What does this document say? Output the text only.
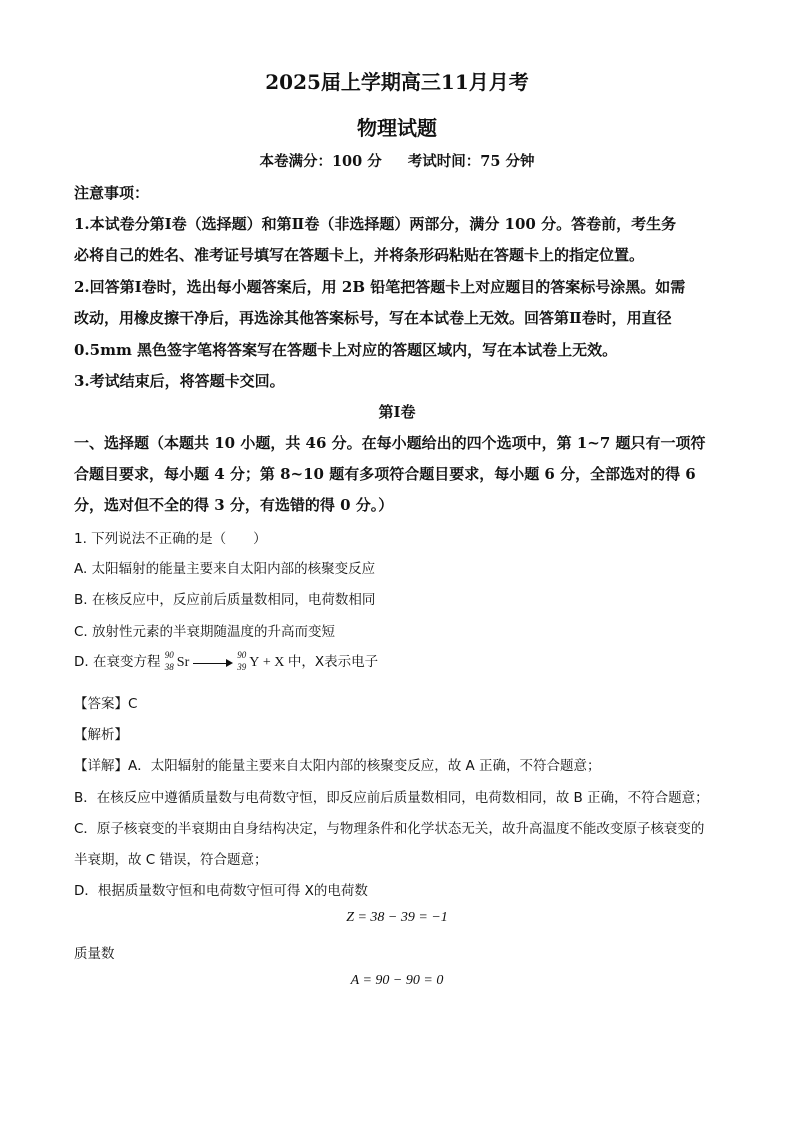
2025届上学期高三11月月考
物理试题
本卷满分：100 分 考试时间：75 分钟
注意事项：
1.本试卷分第Ⅰ卷（选择题）和第Ⅱ卷（非选择题）两部分，满分 100 分。答卷前，考生务
必将自己的姓名、准考证号填写在答题卡上，并将条形码粘贴在答题卡上的指定位置。
2.回答第Ⅰ卷时，选出每小题答案后，用 2B 铅笔把答题卡上对应题目的答案标号涂黑。如需
改动，用橡皮擦干净后，再选涂其他答案标号，写在本试卷上无效。回答第Ⅱ卷时，用直径
0.5mm 黑色签字笔将答案写在答题卡上对应的答题区域内，写在本试卷上无效。
3.考试结束后，将答题卡交回。
第Ⅰ卷
一、选择题（本题共 10 小题，共 46 分。在每小题给出的四个选项中，第 1~7 题只有一项符
合题目要求，每小题 4 分；第 8~10 题有多项符合题目要求，每小题 6 分，全部选对的得 6
分，选对但不全的得 3 分，有选错的得 0 分。）
1. 下列说法不正确的是（　　）
A. 太阳辐射的能量主要来自太阳内部的核聚变反应
B. 在核反应中，反应前后质量数相同，电荷数相同
C. 放射性元素的半衰期随温度的升高而变短
D. 在衰变方程 90
38 Sr
90
39 Y + X 中，X表示电子
【答案】C
【解析】
【详解】A．太阳辐射的能量主要来自太阳内部的核聚变反应，故 A 正确，不符合题意；
B．在核反应中遵循质量数与电荷数守恒，即反应前后质量数相同，电荷数相同，故 B 正确，不符合题意；
C．原子核衰变的半衰期由自身结构决定，与物理条件和化学状态无关，故升高温度不能改变原子核衰变的
半衰期，故 C 错误，符合题意；
D．根据质量数守恒和电荷数守恒可得 X的电荷数
Z = 38 − 39 = −1
质量数
A = 90 − 90 = 0
